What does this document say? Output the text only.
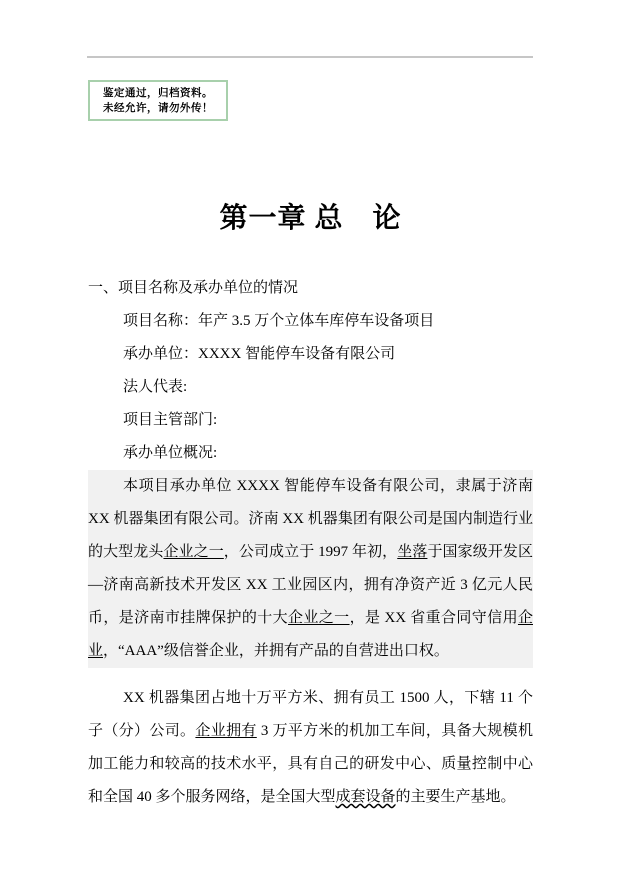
鉴定通过，归档资料。

未经允许，请勿外传！

第一章 总　论

一、项目名称及承办单位的情况

项目名称：年产 3.5 万个立体车库停车设备项目

承办单位：XXXX 智能停车设备有限公司

法人代表:

项目主管部门:

承办单位概况:

本项目承办单位 XXXX 智能停车设备有限公司，隶属于济南 XX 机器集团有限公司。济南 XX 机器集团有限公司是国内制造行业的大型龙头企业之一，公司成立于 1997 年初，坐落于国家级开发区—济南高新技术开发区 XX 工业园区内，拥有净资产近 3 亿元人民币，是济南市挂牌保护的十大企业之一，是 XX 省重合同守信用企业，“AAA”级信誉企业，并拥有产品的自营进出口权。

XX 机器集团占地十万平方米、拥有员工 1500 人，下辖 11 个子（分）公司。企业拥有 3 万平方米的机加工车间，具备大规模机加工能力和较高的技术水平，具有自己的研发中心、质量控制中心和全国 40 多个服务网络，是全国大型成套设备的主要生产基地。
